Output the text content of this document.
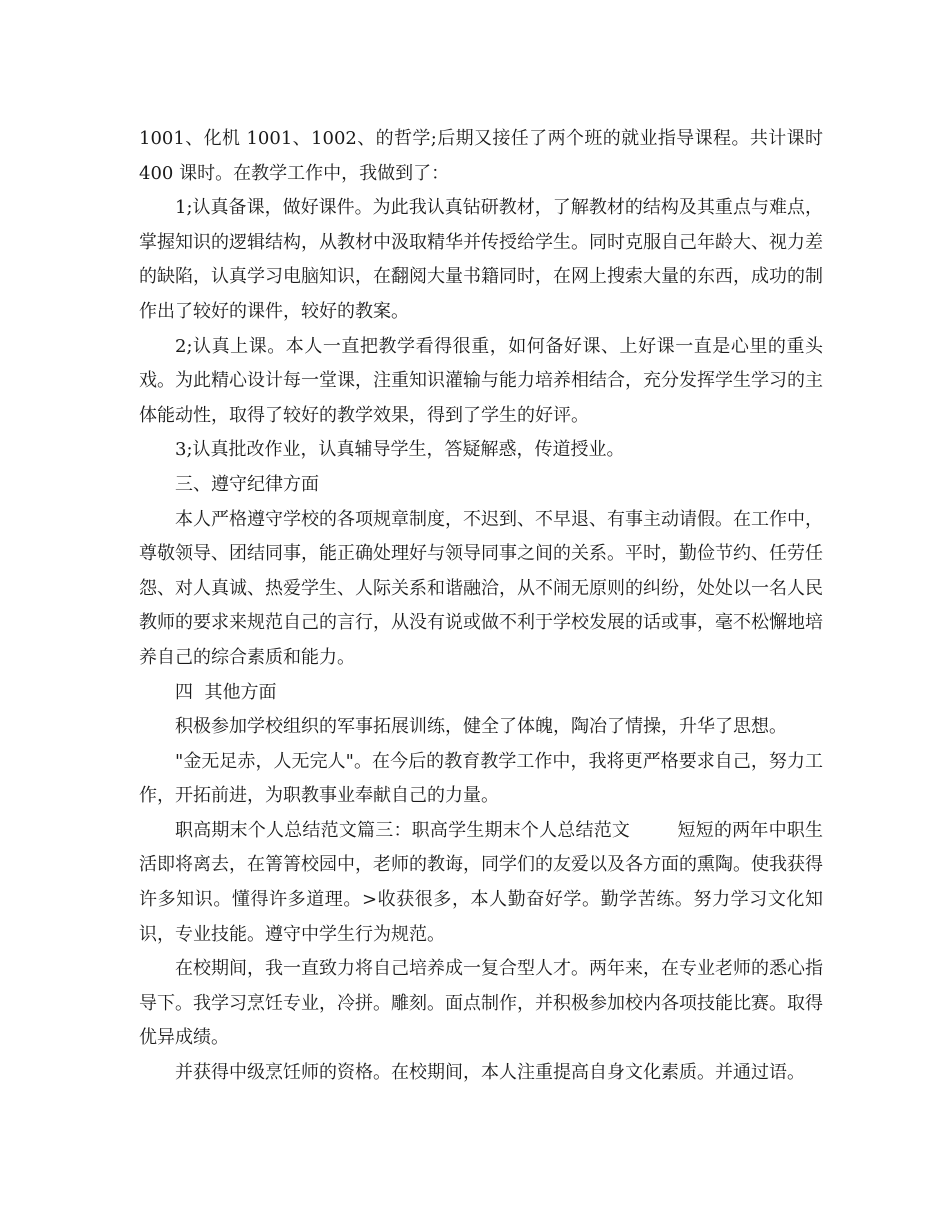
1001、化机 1001、1002、的哲学;后期又接任了两个班的就业指导课程。共计课时 400 课时。在教学工作中，我做到了：

1;认真备课，做好课件。为此我认真钻研教材，了解教材的结构及其重点与难点，掌握知识的逻辑结构，从教材中汲取精华并传授给学生。同时克服自己年龄大、视力差的缺陷，认真学习电脑知识，在翻阅大量书籍同时，在网上搜索大量的东西，成功的制作出了较好的课件，较好的教案。

2;认真上课。本人一直把教学看得很重，如何备好课、上好课一直是心里的重头戏。为此精心设计每一堂课，注重知识灌输与能力培养相结合，充分发挥学生学习的主体能动性，取得了较好的教学效果，得到了学生的好评。

3;认真批改作业，认真辅导学生，答疑解惑，传道授业。

三、遵守纪律方面

本人严格遵守学校的各项规章制度，不迟到、不早退、有事主动请假。在工作中，尊敬领导、团结同事，能正确处理好与领导同事之间的关系。平时，勤俭节约、任劳任怨、对人真诚、热爱学生、人际关系和谐融洽，从不闹无原则的纠纷，处处以一名人民教师的要求来规范自己的言行，从没有说或做不利于学校发展的话或事，毫不松懈地培养自己的综合素质和能力。

四  其他方面

积极参加学校组织的军事拓展训练，健全了体魄，陶冶了情操，升华了思想。

"金无足赤，人无完人"。在今后的教育教学工作中，我将更严格要求自己，努力工作，开拓前进，为职教事业奉献自己的力量。

职高期末个人总结范文篇三：职高学生期末个人总结范文        短短的两年中职生活即将离去，在箐箐校园中，老师的教诲，同学们的友爱以及各方面的熏陶。使我获得许多知识。懂得许多道理。>收获很多，本人勤奋好学。勤学苦练。努力学习文化知识，专业技能。遵守中学生行为规范。

在校期间，我一直致力将自己培养成一复合型人才。两年来，在专业老师的悉心指导下。我学习烹饪专业，冷拼。雕刻。面点制作，并积极参加校内各项技能比赛。取得优异成绩。

并获得中级烹饪师的资格。在校期间，本人注重提高自身文化素质。并通过语。
